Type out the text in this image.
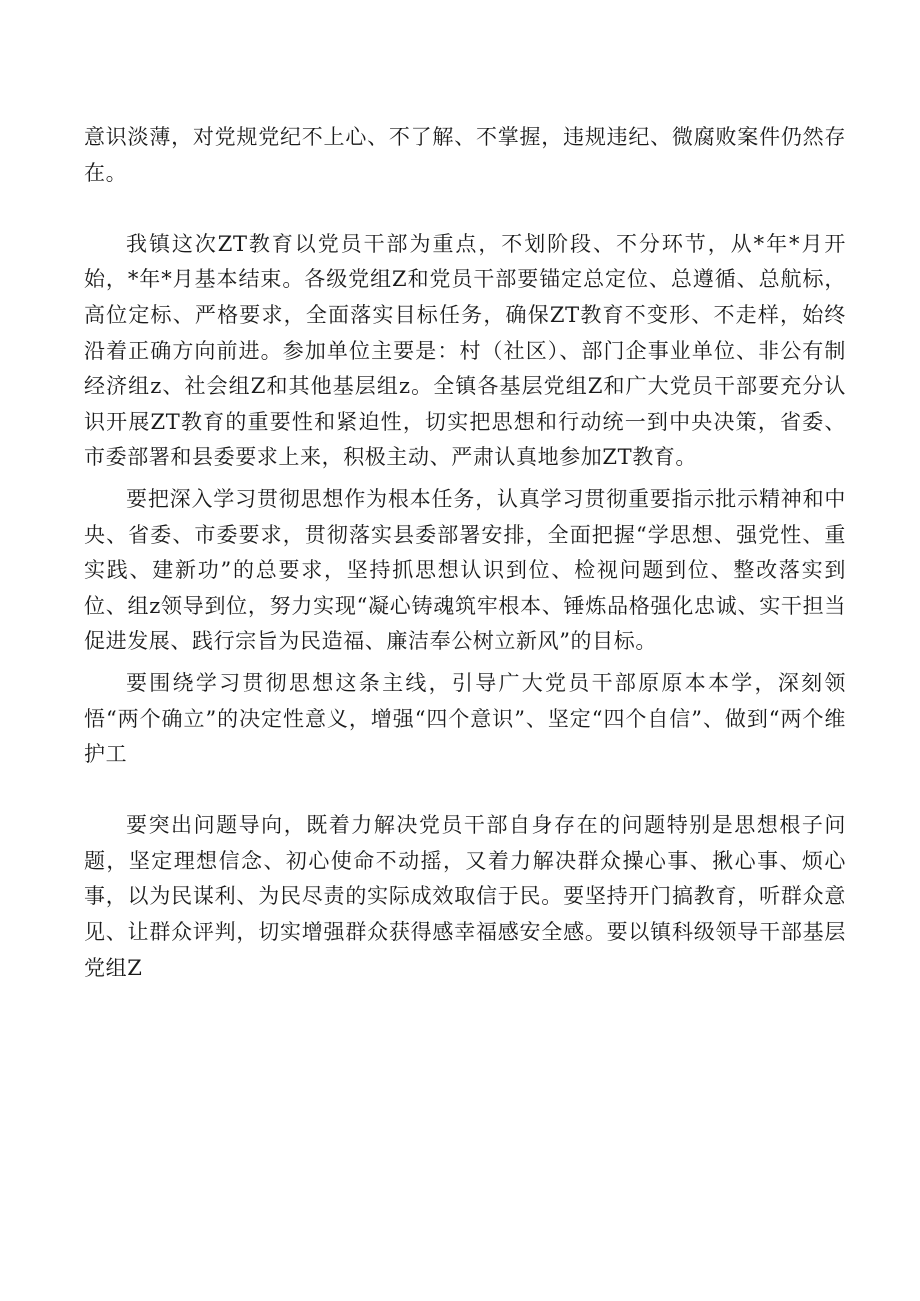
意识淡薄，对党规党纪不上心、不了解、不掌握，违规违纪、微腐败案件仍然存在。

我镇这次ZT教育以党员干部为重点，不划阶段、不分环节，从*年*月开始，*年*月基本结束。各级党组Z和党员干部要锚定总定位、总遵循、总航标，高位定标、严格要求，全面落实目标任务，确保ZT教育不变形、不走样，始终沿着正确方向前进。参加单位主要是：村（社区）、部门企事业单位、非公有制经济组z、社会组Z和其他基层组z。全镇各基层党组Z和广大党员干部要充分认识开展ZT教育的重要性和紧迫性，切实把思想和行动统一到中央决策，省委、市委部署和县委要求上来，积极主动、严肃认真地参加ZT教育。

要把深入学习贯彻思想作为根本任务，认真学习贯彻重要指示批示精神和中央、省委、市委要求，贯彻落实县委部署安排，全面把握“学思想、强党性、重实践、建新功”的总要求，坚持抓思想认识到位、检视问题到位、整改落实到位、组z领导到位，努力实现“凝心铸魂筑牢根本、锤炼品格强化忠诚、实干担当促进发展、践行宗旨为民造福、廉洁奉公树立新风”的目标。

要围绕学习贯彻思想这条主线，引导广大党员干部原原本本学，深刻领悟“两个确立”的决定性意义，增强“四个意识”、坚定“四个自信”、做到“两个维护工

要突出问题导向，既着力解决党员干部自身存在的问题特别是思想根子问题，坚定理想信念、初心使命不动摇，又着力解决群众操心事、揪心事、烦心事，以为民谋利、为民尽责的实际成效取信于民。要坚持开门搞教育，听群众意见、让群众评判，切实增强群众获得感幸福感安全感。要以镇科级领导干部基层党组Z
